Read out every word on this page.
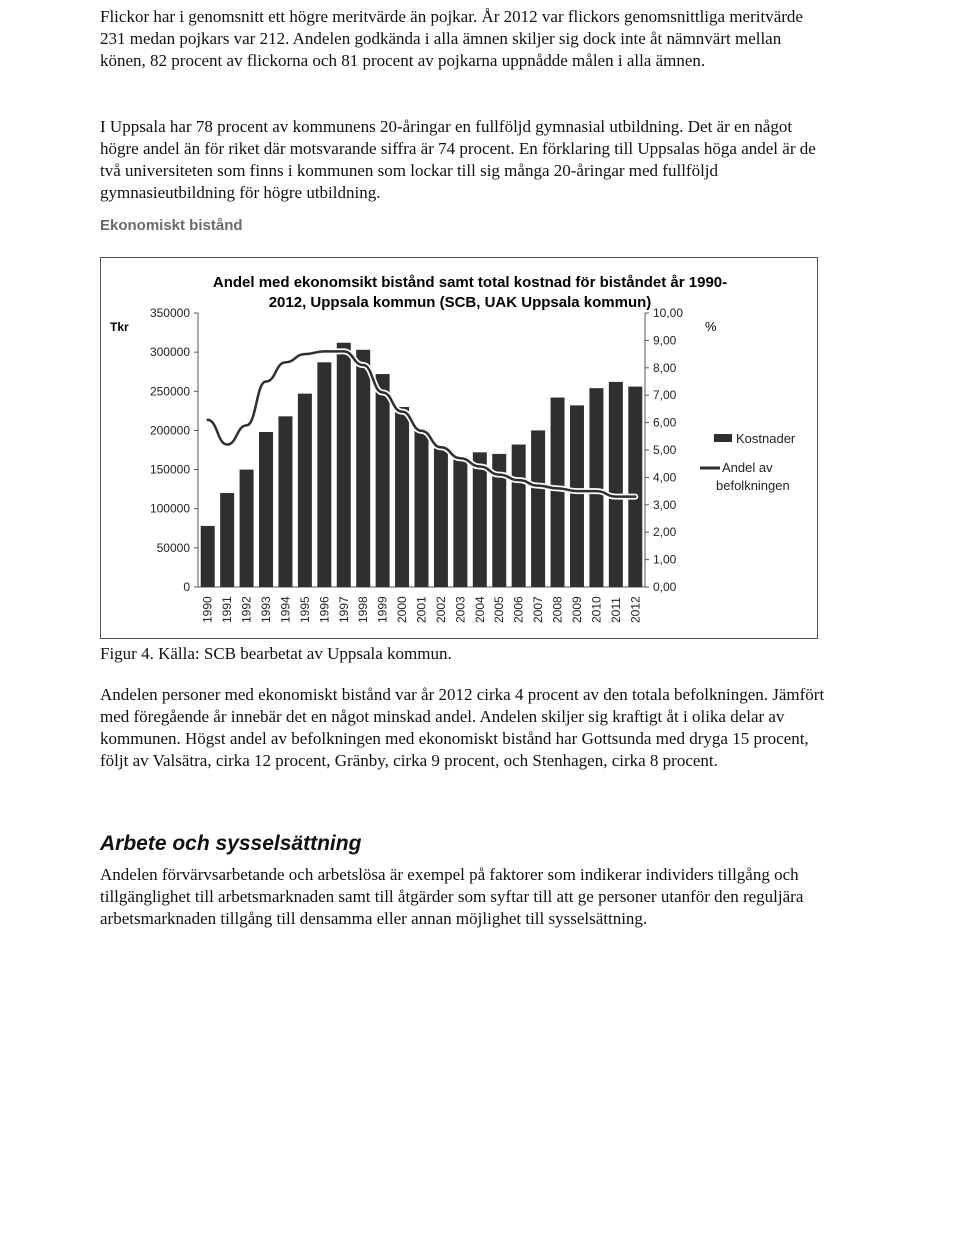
Flickor har i genomsnitt ett högre meritvärde än pojkar. År 2012 var flickors genomsnittliga meritvärde 231 medan pojkars var 212. Andelen godkända i alla ämnen skiljer sig dock inte åt nämnvärt mellan könen, 82 procent av flickorna och 81 procent av pojkarna uppnådde målen i alla ämnen.

I Uppsala har 78 procent av kommunens 20-åringar en fullföljd gymnasial utbildning. Det är en något högre andel än för riket där motsvarande siffra är 74 procent. En förklaring till Uppsalas höga andel är de två universiteten som finns i kommunen som lockar till sig många 20-åringar med fullföljd gymnasieutbildning för högre utbildning.

Ekonomiskt bistånd

Andel med ekonomsikt bistånd samt total kostnad för biståndet år 1990-
2012, Uppsala kommun (SCB, UAK Uppsala kommun)
Tkr	%
350000
300000
250000
200000
150000
100000
50000
0
10,00
9,00
8,00
7,00
6,00
5,00
4,00
3,00
2,00
1,00
0,00
1990 1991 1992 1993 1994 1995 1996 1997 1998 1999 2000 2001 2002 2003 2004 2005 2006 2007 2008 2009 2010 2011 2012
Kostnader
Andel av
befolkningen

Figur 4. Källa: SCB bearbetat av Uppsala kommun.

Andelen personer med ekonomiskt bistånd var år 2012 cirka 4 procent av den totala befolkningen. Jämfört med föregående år innebär det en något minskad andel. Andelen skiljer sig kraftigt åt i olika delar av kommunen. Högst andel av befolkningen med ekonomiskt bistånd har Gottsunda med dryga 15 procent, följt av Valsätra, cirka 12 procent, Gränby, cirka 9 procent, och Stenhagen, cirka 8 procent.

Arbete och sysselsättning

Andelen förvärvsarbetande och arbetslösa är exempel på faktorer som indikerar individers tillgång och tillgänglighet till arbetsmarknaden samt till åtgärder som syftar till att ge personer utanför den reguljära arbetsmarknaden tillgång till densamma eller annan möjlighet till sysselsättning.
